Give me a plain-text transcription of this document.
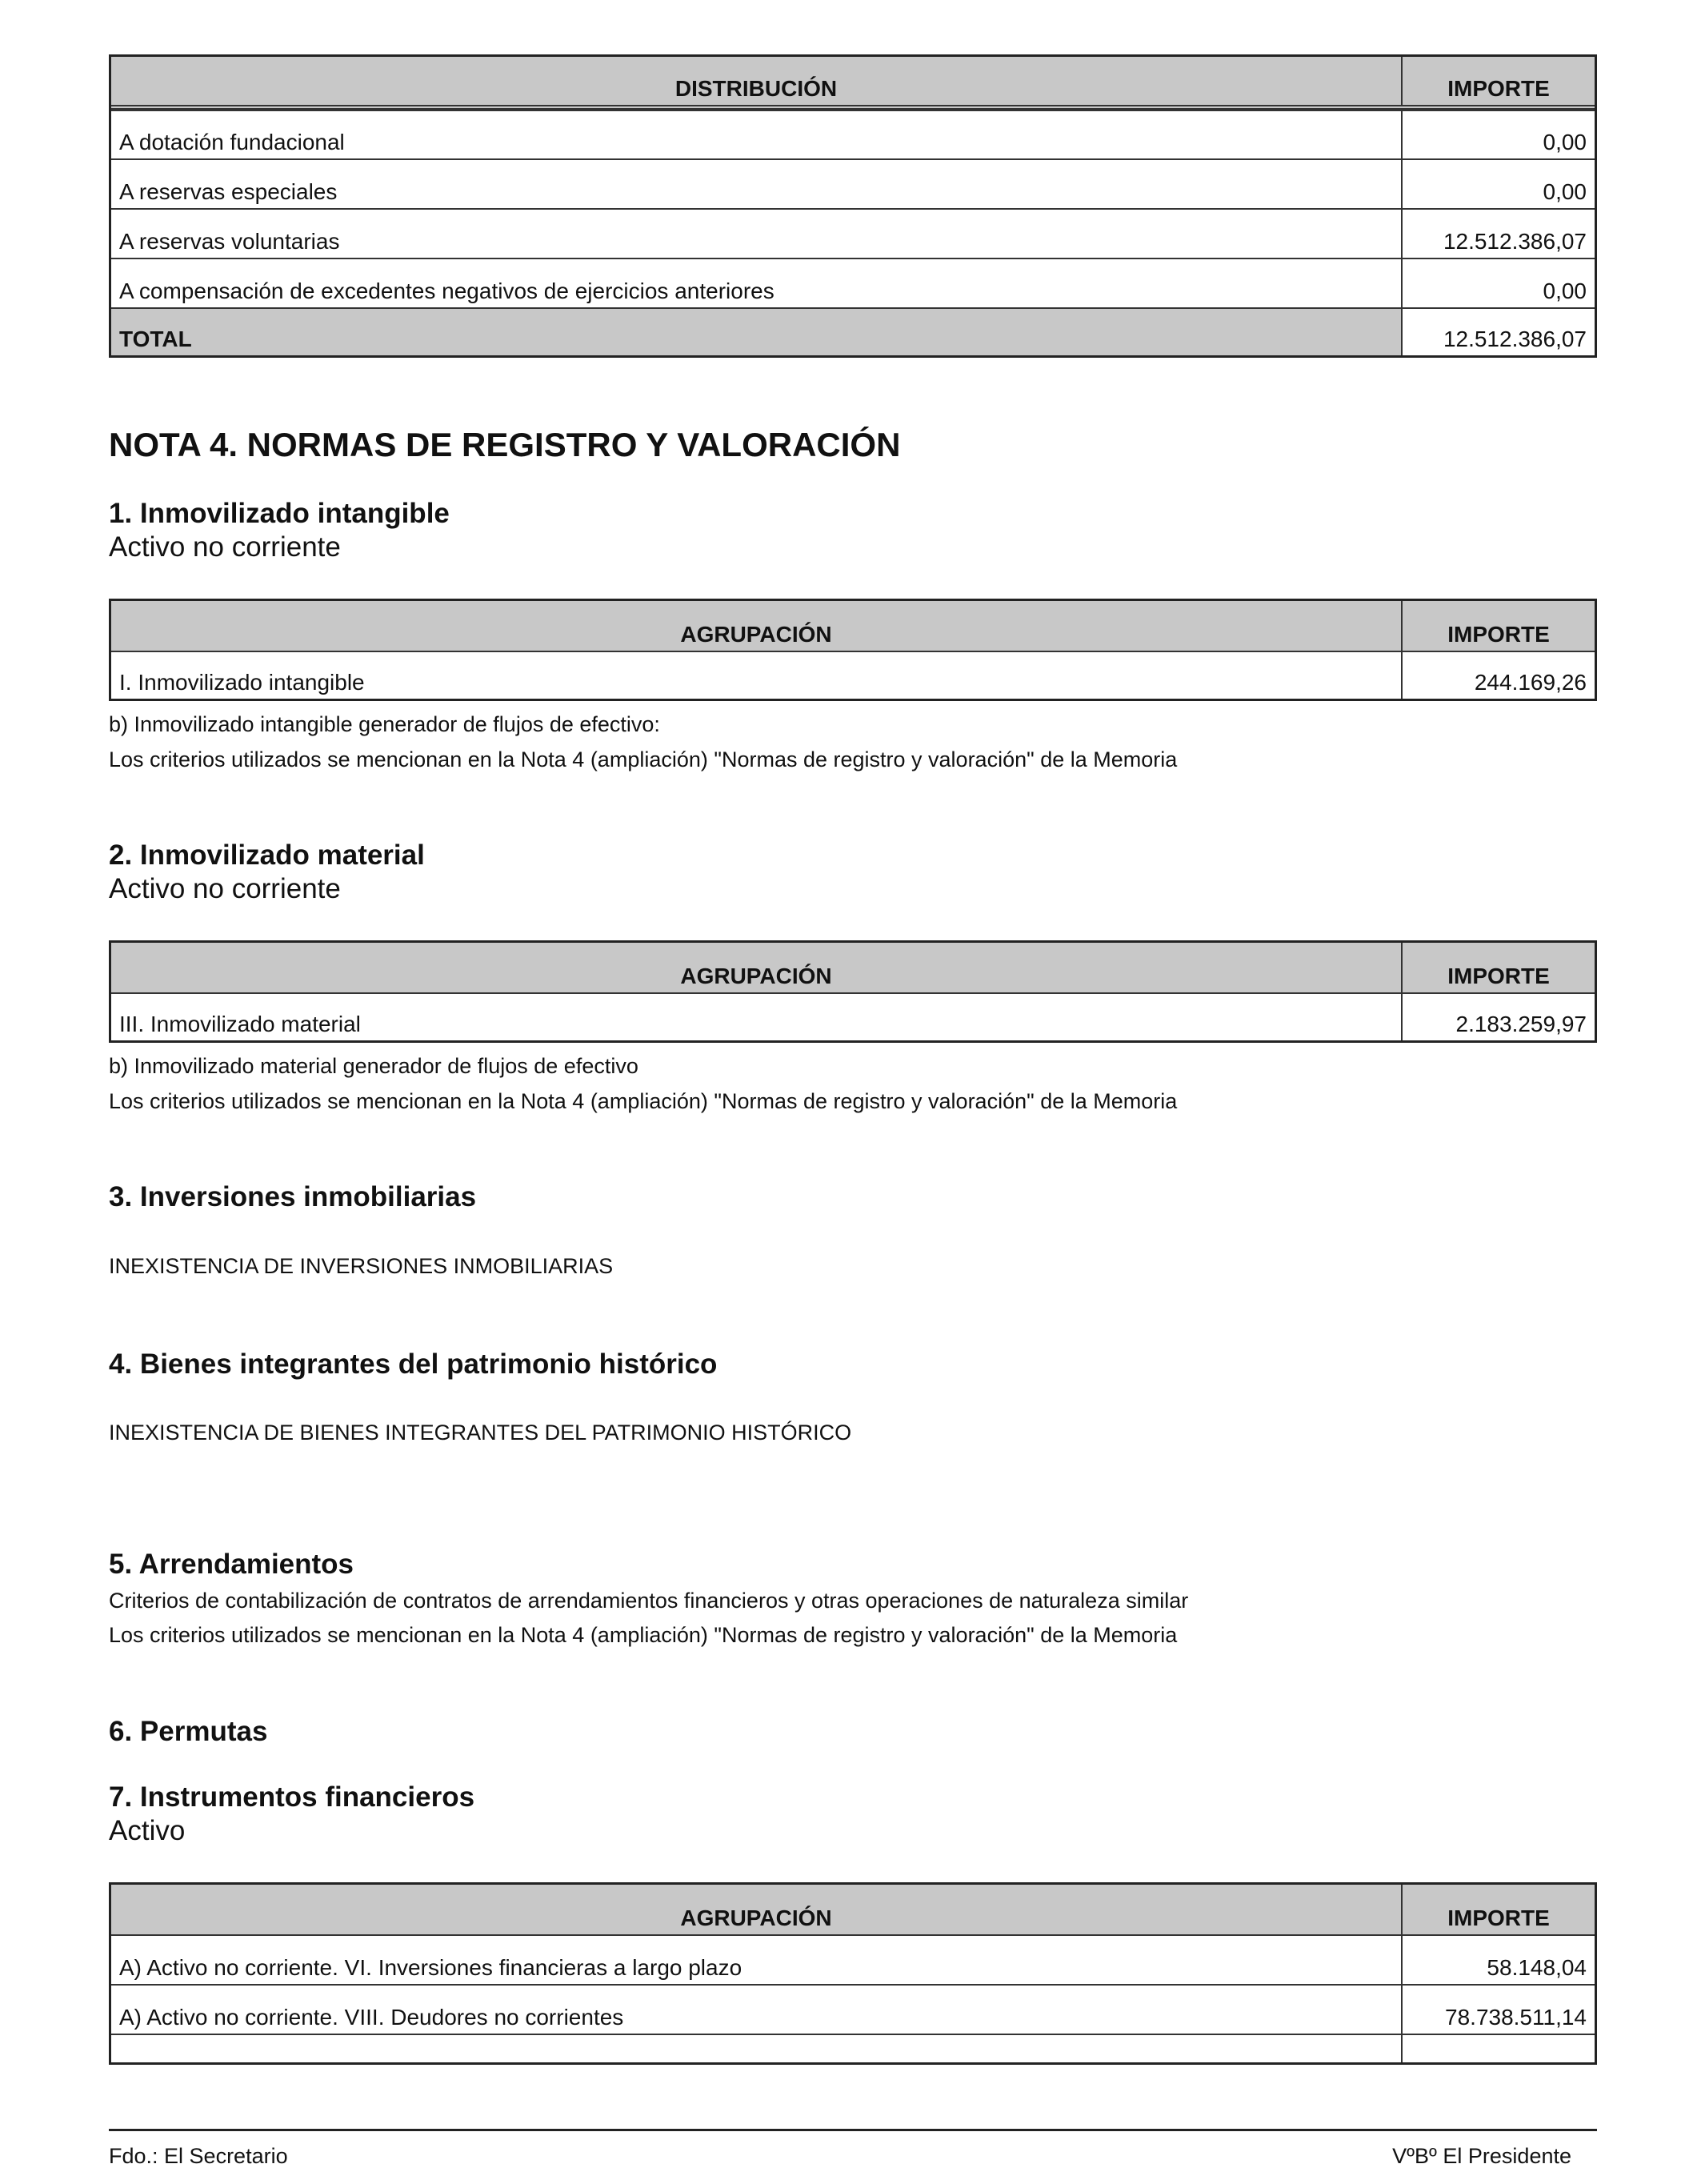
DISTRIBUCIÓN	IMPORTE
A dotación fundacional	0,00
A reservas especiales	0,00
A reservas voluntarias	12.512.386,07
A compensación de excedentes negativos de ejercicios anteriores	0,00
TOTAL	12.512.386,07
NOTA 4. NORMAS DE REGISTRO Y VALORACIÓN
1. Inmovilizado intangible
Activo no corriente
AGRUPACIÓN	IMPORTE
I. Inmovilizado intangible	244.169,26
b) Inmovilizado intangible generador de flujos de efectivo:
Los criterios utilizados se mencionan en la Nota 4 (ampliación) "Normas de registro y valoración" de la Memoria
2. Inmovilizado material
Activo no corriente
AGRUPACIÓN	IMPORTE
III. Inmovilizado material	2.183.259,97
b) Inmovilizado material generador de flujos de efectivo
Los criterios utilizados se mencionan en la Nota 4 (ampliación) "Normas de registro y valoración" de la Memoria
3. Inversiones inmobiliarias
INEXISTENCIA DE INVERSIONES INMOBILIARIAS
4. Bienes integrantes del patrimonio histórico
INEXISTENCIA DE BIENES INTEGRANTES DEL PATRIMONIO HISTÓRICO
5. Arrendamientos
Criterios de contabilización de contratos de arrendamientos financieros y otras operaciones de naturaleza similar
Los criterios utilizados se mencionan en la Nota 4 (ampliación) "Normas de registro y valoración" de la Memoria
6. Permutas
7. Instrumentos financieros
Activo
AGRUPACIÓN	IMPORTE
A) Activo no corriente. VI. Inversiones financieras a largo plazo	58.148,04
A) Activo no corriente. VIII. Deudores no corrientes	78.738.511,14
Fdo.: El Secretario	VºBº El Presidente
